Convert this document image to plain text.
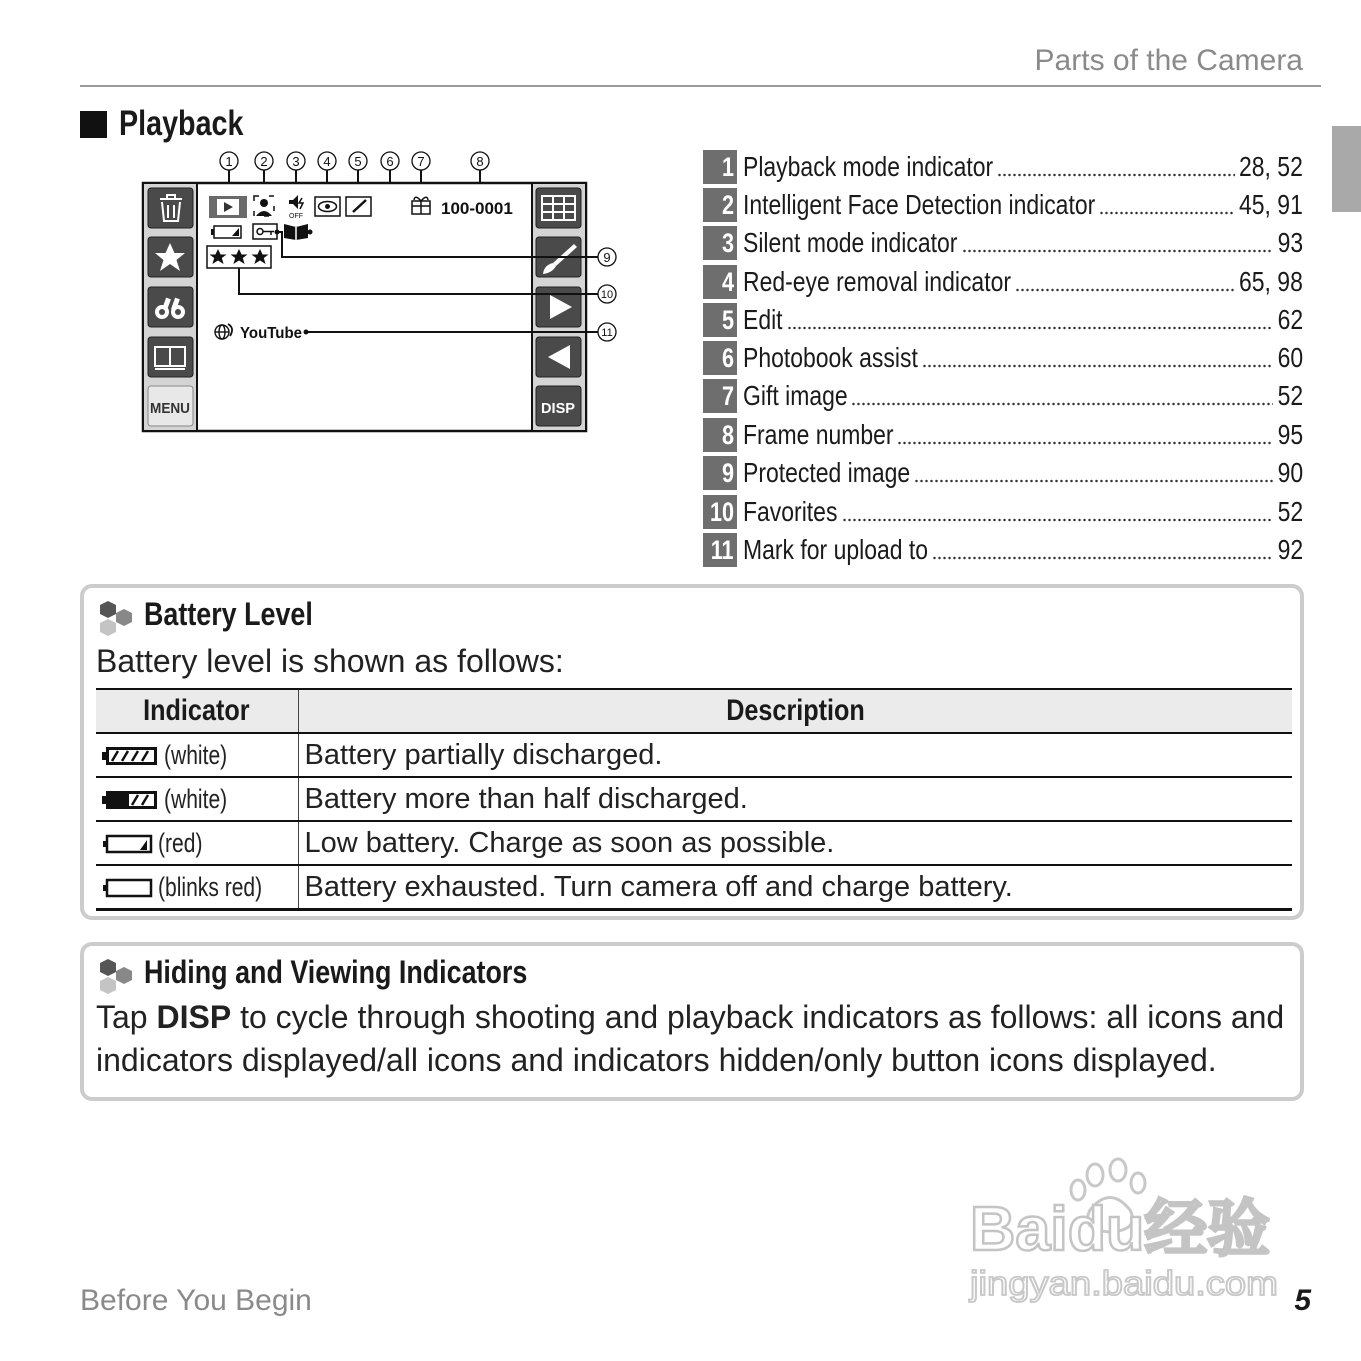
Parts of the Camera
Playback
1 2 3 4 5 6 7	8
9
10
11
MENU	DISP
OFF	100-0001
YouTube
1 Playback mode indicator	28, 52
2 Intelligent Face Detection indicator	45, 91
3 Silent mode indicator	93
4 Red-eye removal indicator	65, 98
5 Edit	62
6 Photobook assist	60
7 Gift image	52
8 Frame number	95
9 Protected image	90
10 Favorites	52
11 Mark for upload to	92
Battery Level
Battery level is shown as follows:
Indicator	Description
(white)	Battery partially discharged.
(white)	Battery more than half discharged.
(red)	Low battery. Charge as soon as possible.
(blinks red)	Battery exhausted. Turn camera off and charge battery.
Hiding and Viewing Indicators
Tap DISP to cycle through shooting and playback indicators as follows: all icons and indicators displayed/all icons and indicators hidden/only button icons displayed.
Before You Begin	5
Baidu经验
jingyan.baidu.com
